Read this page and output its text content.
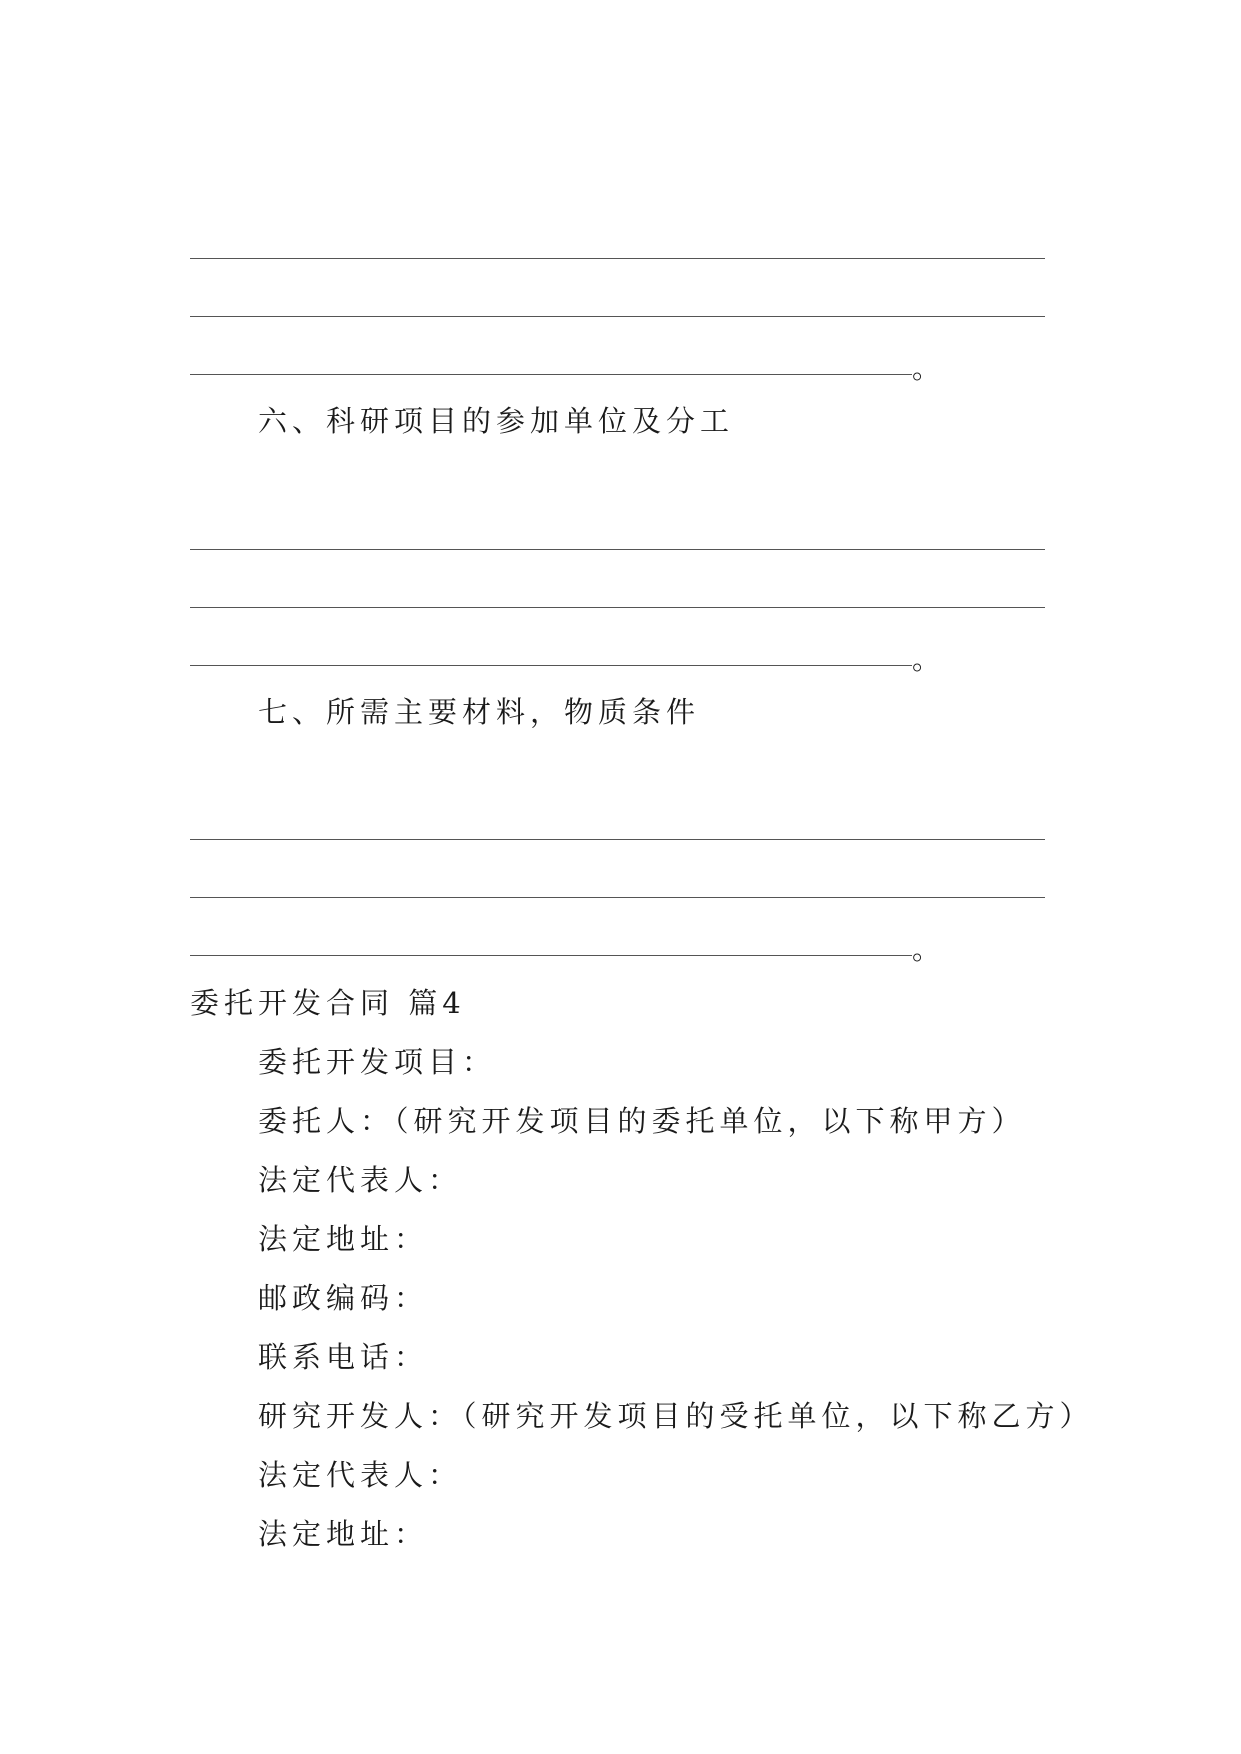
。
六、科研项目的参加单位及分工
。
七、所需主要材料，物质条件
。
委托开发合同 篇4
委托开发项目：
委托人：（研究开发项目的委托单位，以下称甲方）
法定代表人：
法定地址：
邮政编码：
联系电话：
研究开发人：（研究开发项目的受托单位，以下称乙方）
法定代表人：
法定地址：
